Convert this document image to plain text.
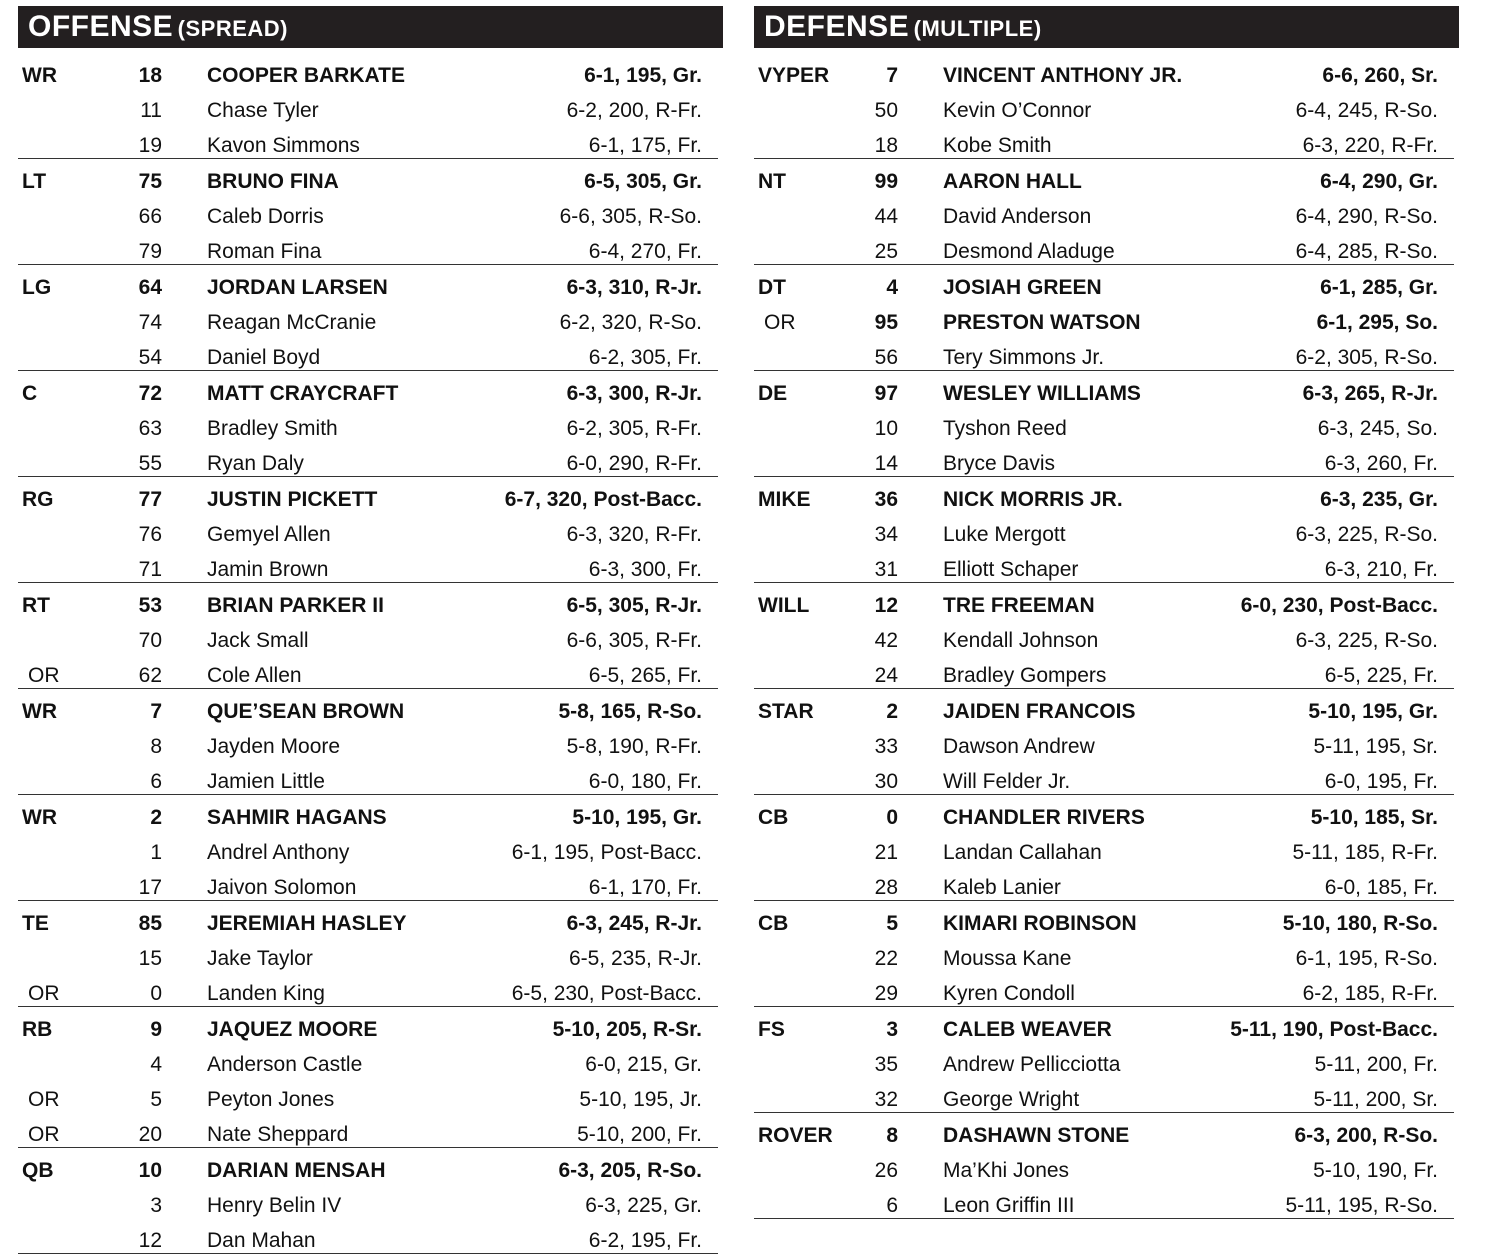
OFFENSE (SPREAD)
WR	18 COOPER BARKATE	6-1, 195, Gr.
11 Chase Tyler	6-2, 200, R-Fr.
19 Kavon Simmons	6-1, 175, Fr.
LT	75 BRUNO FINA	6-5, 305, Gr.
66 Caleb Dorris	6-6, 305, R-So.
79 Roman Fina	6-4, 270, Fr.
LG	64 JORDAN LARSEN	6-3, 310, R-Jr.
74 Reagan McCranie	6-2, 320, R-So.
54 Daniel Boyd	6-2, 305, Fr.
C	72 MATT CRAYCRAFT	6-3, 300, R-Jr.
63 Bradley Smith	6-2, 305, R-Fr.
55 Ryan Daly	6-0, 290, R-Fr.
RG	77 JUSTIN PICKETT	6-7, 320, Post-Bacc.
76 Gemyel Allen	6-3, 320, R-Fr.
71 Jamin Brown	6-3, 300, Fr.
RT	53 BRIAN PARKER II	6-5, 305, R-Jr.
70 Jack Small	6-6, 305, R-Fr.
OR	62 Cole Allen	6-5, 265, Fr.
WR	7 QUE’SEAN BROWN	5-8, 165, R-So.
8 Jayden Moore	5-8, 190, R-Fr.
6 Jamien Little	6-0, 180, Fr.
WR	2 SAHMIR HAGANS	5-10, 195, Gr.
1 Andrel Anthony	6-1, 195, Post-Bacc.
17 Jaivon Solomon	6-1, 170, Fr.
TE	85 JEREMIAH HASLEY	6-3, 245, R-Jr.
15 Jake Taylor	6-5, 235, R-Jr.
OR	0 Landen King	6-5, 230, Post-Bacc.
RB	9 JAQUEZ MOORE	5-10, 205, R-Sr.
4 Anderson Castle	6-0, 215, Gr.
OR	5 Peyton Jones	5-10, 195, Jr.
OR	20 Nate Sheppard	5-10, 200, Fr.
QB	10 DARIAN MENSAH	6-3, 205, R-So.
3 Henry Belin IV	6-3, 225, Gr.
12 Dan Mahan	6-2, 195, Fr.
DEFENSE (MULTIPLE)
VYPER	7 VINCENT ANTHONY JR.	6-6, 260, Sr.
50 Kevin O’Connor	6-4, 245, R-So.
18 Kobe Smith	6-3, 220, R-Fr.
NT	99 AARON HALL	6-4, 290, Gr.
44 David Anderson	6-4, 290, R-So.
25 Desmond Aladuge	6-4, 285, R-So.
DT	4 JOSIAH GREEN	6-1, 285, Gr.
OR	95 PRESTON WATSON	6-1, 295, So.
56 Tery Simmons Jr.	6-2, 305, R-So.
DE	97 WESLEY WILLIAMS	6-3, 265, R-Jr.
10 Tyshon Reed	6-3, 245, So.
14 Bryce Davis	6-3, 260, Fr.
MIKE	36 NICK MORRIS JR.	6-3, 235, Gr.
34 Luke Mergott	6-3, 225, R-So.
31 Elliott Schaper	6-3, 210, Fr.
WILL	12 TRE FREEMAN	6-0, 230, Post-Bacc.
42 Kendall Johnson	6-3, 225, R-So.
24 Bradley Gompers	6-5, 225, Fr.
STAR	2 JAIDEN FRANCOIS	5-10, 195, Gr.
33 Dawson Andrew	5-11, 195, Sr.
30 Will Felder Jr.	6-0, 195, Fr.
CB	0 CHANDLER RIVERS	5-10, 185, Sr.
21 Landan Callahan	5-11, 185, R-Fr.
28 Kaleb Lanier	6-0, 185, Fr.
CB	5 KIMARI ROBINSON	5-10, 180, R-So.
22 Moussa Kane	6-1, 195, R-So.
29 Kyren Condoll	6-2, 185, R-Fr.
FS	3 CALEB WEAVER	5-11, 190, Post-Bacc.
35 Andrew Pellicciotta	5-11, 200, Fr.
32 George Wright	5-11, 200, Sr.
ROVER	8 DASHAWN STONE	6-3, 200, R-So.
26 Ma’Khi Jones	5-10, 190, Fr.
6 Leon Griffin III	5-11, 195, R-So.
